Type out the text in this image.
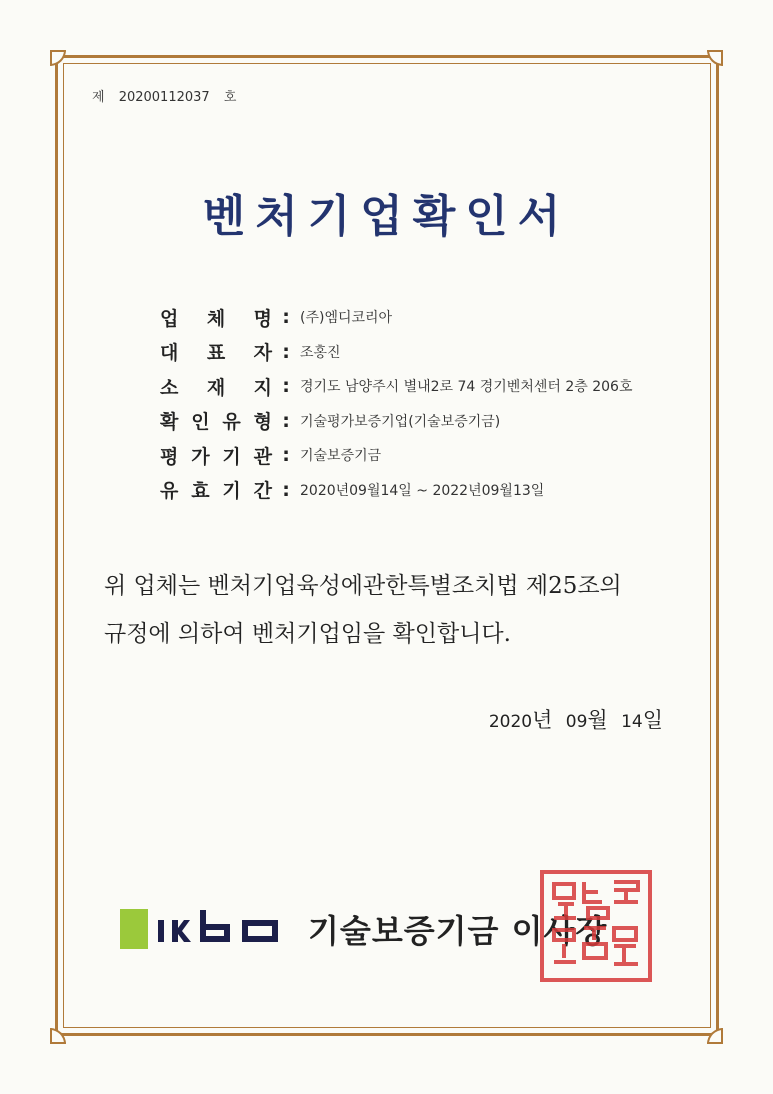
제 20200112037 호
벤처기업확인서
업 체 명 : (주)엠디코리아
대 표 자 : 조홍진
소 재 지 : 경기도 남양주시 별내2로 74 경기벤처센터 2층 206호
확 인 유 형 : 기술평가보증기업(기술보증기금)
평 가 기 관 : 기술보증기금
유 효 기 간 : 2020년09월14일 ~ 2022년09월13일
위 업체는 벤처기업육성에관한특별조치법 제25조의
규정에 의하여 벤처기업임을 확인합니다.
2020년 09월 14일
기술보증기금 이사장
